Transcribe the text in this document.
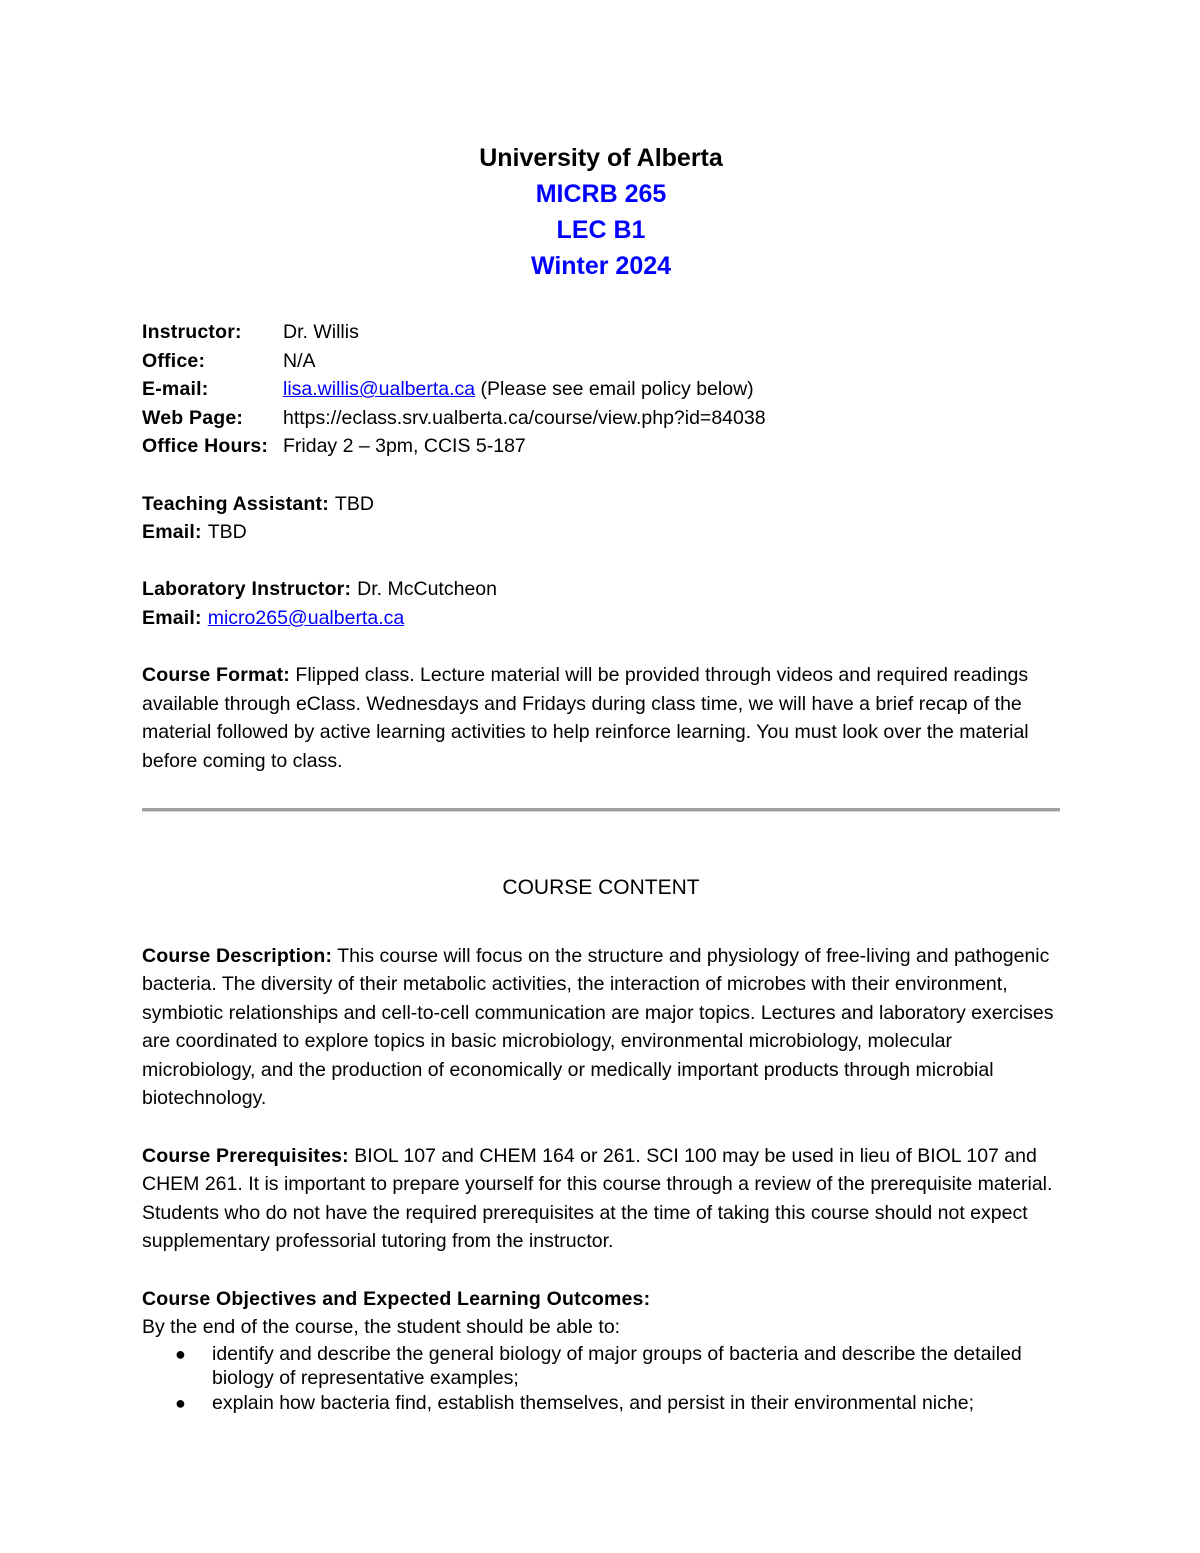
University of Alberta
MICRB 265
LEC B1
Winter 2024
Instructor:	Dr. Willis
Office:	N/A
E-mail:	lisa.willis@ualberta.ca (Please see email policy below)
Web Page:	https://eclass.srv.ualberta.ca/course/view.php?id=84038
Office Hours: Friday 2 – 3pm, CCIS 5-187
Teaching Assistant: TBD
Email: TBD
Laboratory Instructor: Dr. McCutcheon
Email: micro265@ualberta.ca
Course Format: Flipped class. Lecture material will be provided through videos and required readings available through eClass. Wednesdays and Fridays during class time, we will have a brief recap of the material followed by active learning activities to help reinforce learning. You must look over the material before coming to class.
COURSE CONTENT
Course Description: This course will focus on the structure and physiology of free-living and pathogenic bacteria. The diversity of their metabolic activities, the interaction of microbes with their environment, symbiotic relationships and cell-to-cell communication are major topics. Lectures and laboratory exercises are coordinated to explore topics in basic microbiology, environmental microbiology, molecular microbiology, and the production of economically or medically important products through microbial biotechnology.
Course Prerequisites: BIOL 107 and CHEM 164 or 261. SCI 100 may be used in lieu of BIOL 107 and CHEM 261. It is important to prepare yourself for this course through a review of the prerequisite material. Students who do not have the required prerequisites at the time of taking this course should not expect supplementary professorial tutoring from the instructor.
Course Objectives and Expected Learning Outcomes:
By the end of the course, the student should be able to:
● identify and describe the general biology of major groups of bacteria and describe the detailed biology of representative examples;
● explain how bacteria find, establish themselves, and persist in their environmental niche;
